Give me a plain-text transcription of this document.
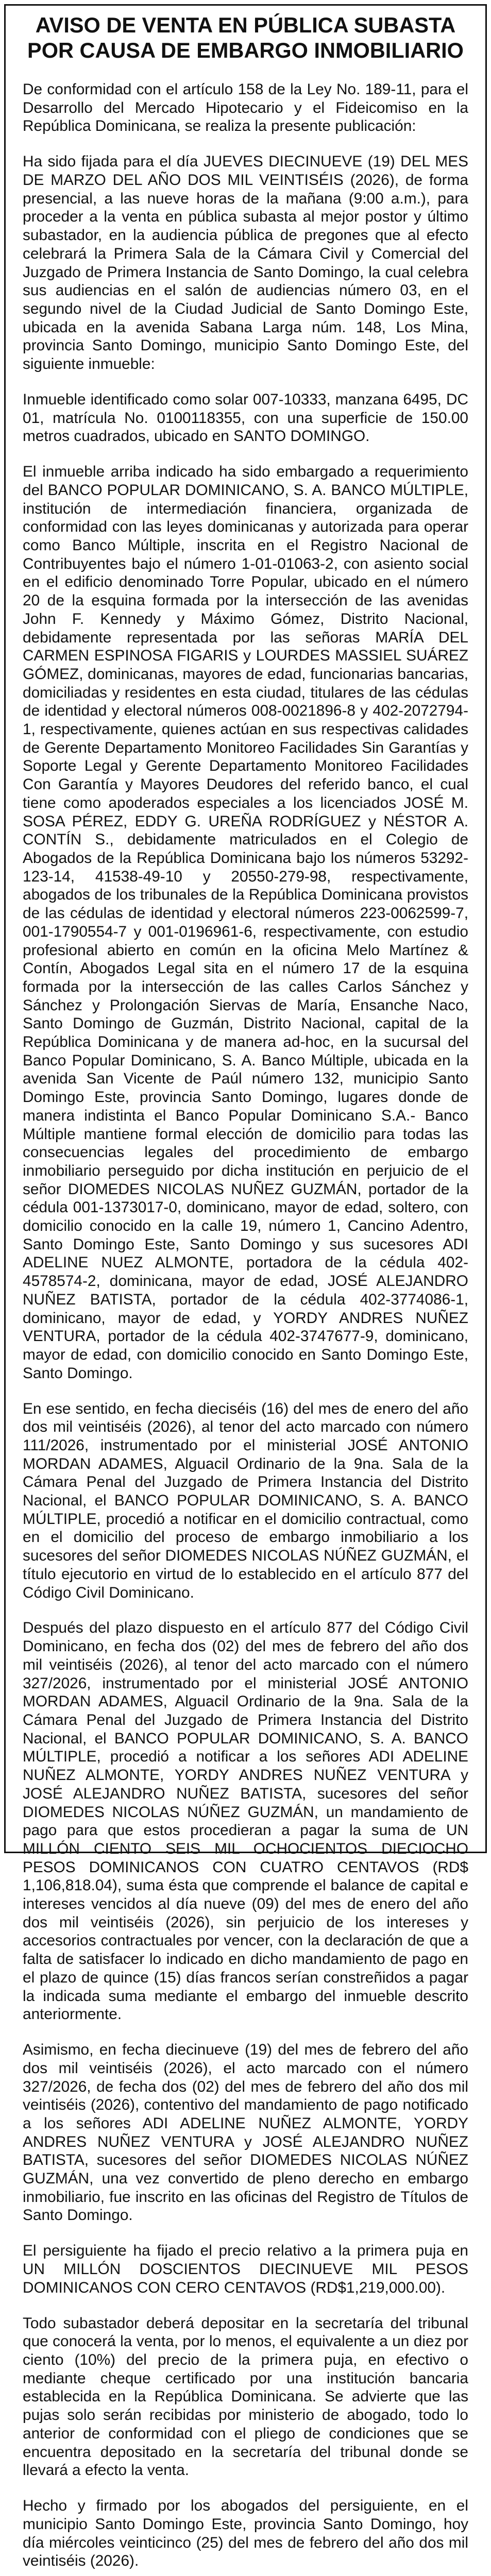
AVISO DE VENTA EN PÚBLICA SUBASTA POR CAUSA DE EMBARGO INMOBILIARIO

De conformidad con el artículo 158 de la Ley No. 189-11, para el Desarrollo del Mercado Hipotecario y el Fideicomiso en la República Dominicana, se realiza la presente publicación:

Ha sido fijada para el día JUEVES DIECINUEVE (19) DEL MES DE MARZO DEL AÑO DOS MIL VEINTISÉIS (2026), de forma presencial, a las nueve horas de la mañana (9:00 a.m.), para proceder a la venta en pública subasta al mejor postor y último subastador, en la audiencia pública de pregones que al efecto celebrará la Primera Sala de la Cámara Civil y Comercial del Juzgado de Primera Instancia de Santo Domingo, la cual celebra sus audiencias en el salón de audiencias número 03, en el segundo nivel de la Ciudad Judicial de Santo Domingo Este, ubicada en la avenida Sabana Larga núm. 148, Los Mina, provincia Santo Domingo, municipio Santo Domingo Este, del siguiente inmueble:

Inmueble identificado como solar 007-10333, manzana 6495, DC 01, matrícula No. 0100118355, con una superficie de 150.00 metros cuadrados, ubicado en SANTO DOMINGO.

El inmueble arriba indicado ha sido embargado a requerimiento del BANCO POPULAR DOMINICANO, S. A. BANCO MÚLTIPLE, institución de intermediación financiera, organizada de conformidad con las leyes dominicanas y autorizada para operar como Banco Múltiple, inscrita en el Registro Nacional de Contribuyentes bajo el número 1-01-01063-2, con asiento social en el edificio denominado Torre Popular, ubicado en el número 20 de la esquina formada por la intersección de las avenidas John F. Kennedy y Máximo Gómez, Distrito Nacional, debidamente representada por las señoras MARÍA DEL CARMEN ESPINOSA FIGARIS y LOURDES MASSIEL SUÁREZ GÓMEZ, dominicanas, mayores de edad, funcionarias bancarias, domiciliadas y residentes en esta ciudad, titulares de las cédulas de identidad y electoral números 008-0021896-8 y 402-2072794-1, respectivamente, quienes actúan en sus respectivas calidades de Gerente Departamento Monitoreo Facilidades Sin Garantías y Soporte Legal y Gerente Departamento Monitoreo Facilidades Con Garantía y Mayores Deudores del referido banco, el cual tiene como apoderados especiales a los licenciados JOSÉ M. SOSA PÉREZ, EDDY G. UREÑA RODRÍGUEZ y NÉSTOR A. CONTÍN S., debidamente matriculados en el Colegio de Abogados de la República Dominicana bajo los números 53292-123-14, 41538-49-10 y 20550-279-98, respectivamente, abogados de los tribunales de la República Dominicana provistos de las cédulas de identidad y electoral números 223-0062599-7, 001-1790554-7 y 001-0196961-6, respectivamente, con estudio profesional abierto en común en la oficina Melo Martínez & Contín, Abogados Legal sita en el número 17 de la esquina formada por la intersección de las calles Carlos Sánchez y Sánchez y Prolongación Siervas de María, Ensanche Naco, Santo Domingo de Guzmán, Distrito Nacional, capital de la República Dominicana y de manera ad-hoc, en la sucursal del Banco Popular Dominicano, S. A. Banco Múltiple, ubicada en la avenida San Vicente de Paúl número 132, municipio Santo Domingo Este, provincia Santo Domingo, lugares donde de manera indistinta el Banco Popular Dominicano S.A.- Banco Múltiple mantiene formal elección de domicilio para todas las consecuencias legales del procedimiento de embargo inmobiliario perseguido por dicha institución en perjuicio de el señor DIOMEDES NICOLAS NUÑEZ GUZMÁN, portador de la cédula 001-1373017-0, dominicano, mayor de edad, soltero, con domicilio conocido en la calle 19, número 1, Cancino Adentro, Santo Domingo Este, Santo Domingo y sus sucesores ADI ADELINE NUEZ ALMONTE, portadora de la cédula 402-4578574-2, dominicana, mayor de edad, JOSÉ ALEJANDRO NUÑEZ BATISTA, portador de la cédula 402-3774086-1, dominicano, mayor de edad, y YORDY ANDRES NUÑEZ VENTURA, portador de la cédula 402-3747677-9, dominicano, mayor de edad, con domicilio conocido en Santo Domingo Este, Santo Domingo.

En ese sentido, en fecha dieciséis (16) del mes de enero del año dos mil veintiséis (2026), al tenor del acto marcado con número 111/2026, instrumentado por el ministerial JOSÉ ANTONIO MORDAN ADAMES, Alguacil Ordinario de la 9na. Sala de la Cámara Penal del Juzgado de Primera Instancia del Distrito Nacional, el BANCO POPULAR DOMINICANO, S. A. BANCO MÚLTIPLE, procedió a notificar en el domicilio contractual, como en el domicilio del proceso de embargo inmobiliario a los sucesores del señor DIOMEDES NICOLAS NÚÑEZ GUZMÁN, el título ejecutorio en virtud de lo establecido en el artículo 877 del Código Civil Dominicano.

Después del plazo dispuesto en el artículo 877 del Código Civil Dominicano, en fecha dos (02) del mes de febrero del año dos mil veintiséis (2026), al tenor del acto marcado con el número 327/2026, instrumentado por el ministerial JOSÉ ANTONIO MORDAN ADAMES, Alguacil Ordinario de la 9na. Sala de la Cámara Penal del Juzgado de Primera Instancia del Distrito Nacional, el BANCO POPULAR DOMINICANO, S. A. BANCO MÚLTIPLE, procedió a notificar a los señores ADI ADELINE NUÑEZ ALMONTE, YORDY ANDRES NUÑEZ VENTURA y JOSÉ ALEJANDRO NUÑEZ BATISTA, sucesores del señor DIOMEDES NICOLAS NÚÑEZ GUZMÁN, un mandamiento de pago para que estos procedieran a pagar la suma de UN MILLÓN CIENTO SEIS MIL OCHOCIENTOS DIECIOCHO PESOS DOMINICANOS CON CUATRO CENTAVOS (RD$ 1,106,818.04), suma ésta que comprende el balance de capital e intereses vencidos al día nueve (09) del mes de enero del año dos mil veintiséis (2026), sin perjuicio de los intereses y accesorios contractuales por vencer, con la declaración de que a falta de satisfacer lo indicado en dicho mandamiento de pago en el plazo de quince (15) días francos serían constreñidos a pagar la indicada suma mediante el embargo del inmueble descrito anteriormente.

Asimismo, en fecha diecinueve (19) del mes de febrero del año dos mil veintiséis (2026), el acto marcado con el número 327/2026, de fecha dos (02) del mes de febrero del año dos mil veintiséis (2026), contentivo del mandamiento de pago notificado a los señores ADI ADELINE NUÑEZ ALMONTE, YORDY ANDRES NUÑEZ VENTURA y JOSÉ ALEJANDRO NUÑEZ BATISTA, sucesores del señor DIOMEDES NICOLAS NÚÑEZ GUZMÁN, una vez convertido de pleno derecho en embargo inmobiliario, fue inscrito en las oficinas del Registro de Títulos de Santo Domingo.

El persiguiente ha fijado el precio relativo a la primera puja en UN MILLÓN DOSCIENTOS DIECINUEVE MIL PESOS DOMINICANOS CON CERO CENTAVOS (RD$1,219,000.00).

Todo subastador deberá depositar en la secretaría del tribunal que conocerá la venta, por lo menos, el equivalente a un diez por ciento (10%) del precio de la primera puja, en efectivo o mediante cheque certificado por una institución bancaria establecida en la República Dominicana. Se advierte que las pujas solo serán recibidas por ministerio de abogado, todo lo anterior de conformidad con el pliego de condiciones que se encuentra depositado en la secretaría del tribunal donde se llevará a efecto la venta.

Hecho y firmado por los abogados del persiguiente, en el municipio Santo Domingo Este, provincia Santo Domingo, hoy día miércoles veinticinco (25) del mes de febrero del año dos mil veintiséis (2026).
